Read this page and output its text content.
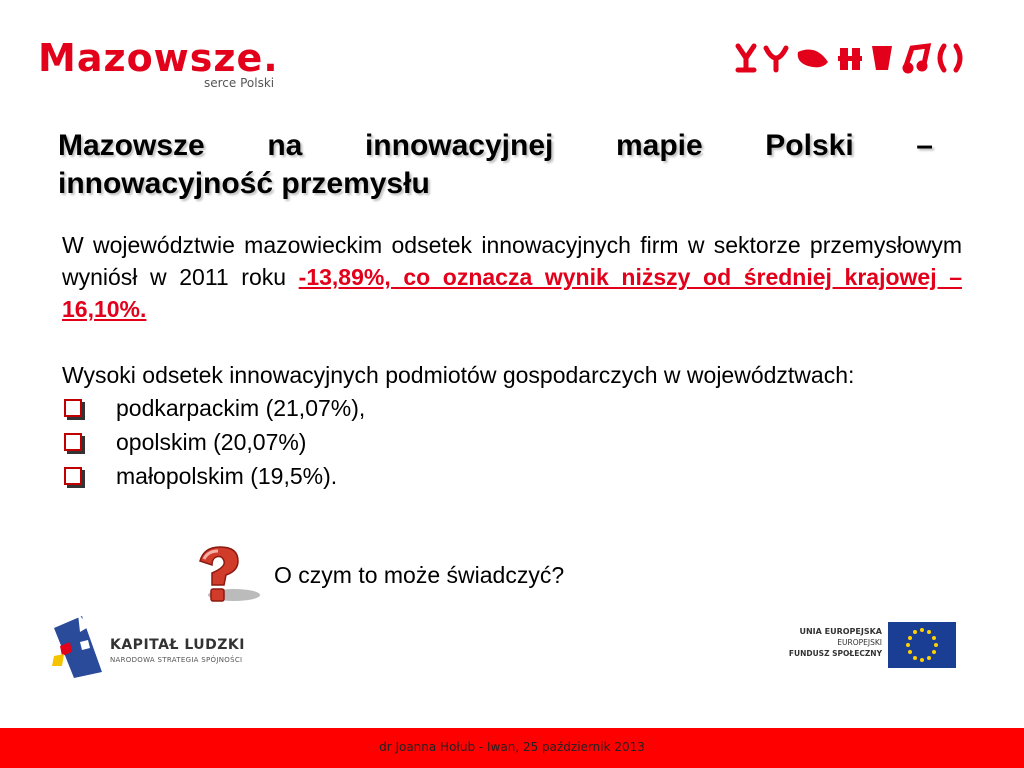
Mazowsze.
serce Polski
Mazowsze na innowacyjnej mapie Polski –
innowacyjność przemysłu
W województwie mazowieckim odsetek innowacyjnych firm w sektorze przemysłowym wyniósł w 2011 roku -13,89%, co oznacza wynik niższy od średniej krajowej – 16,10%.
Wysoki odsetek innowacyjnych podmiotów gospodarczych w województwach:
podkarpackim (21,07%),
opolskim (20,07%)
małopolskim (19,5%).
O czym to może świadczyć?
KAPITAŁ LUDZKI
NARODOWA STRATEGIA SPÓJNOŚCI
UNIA EUROPEJSKA
EUROPEJSKI
FUNDUSZ SPOŁECZNY
dr Joanna Hołub - Iwan, 25 październik 2013
